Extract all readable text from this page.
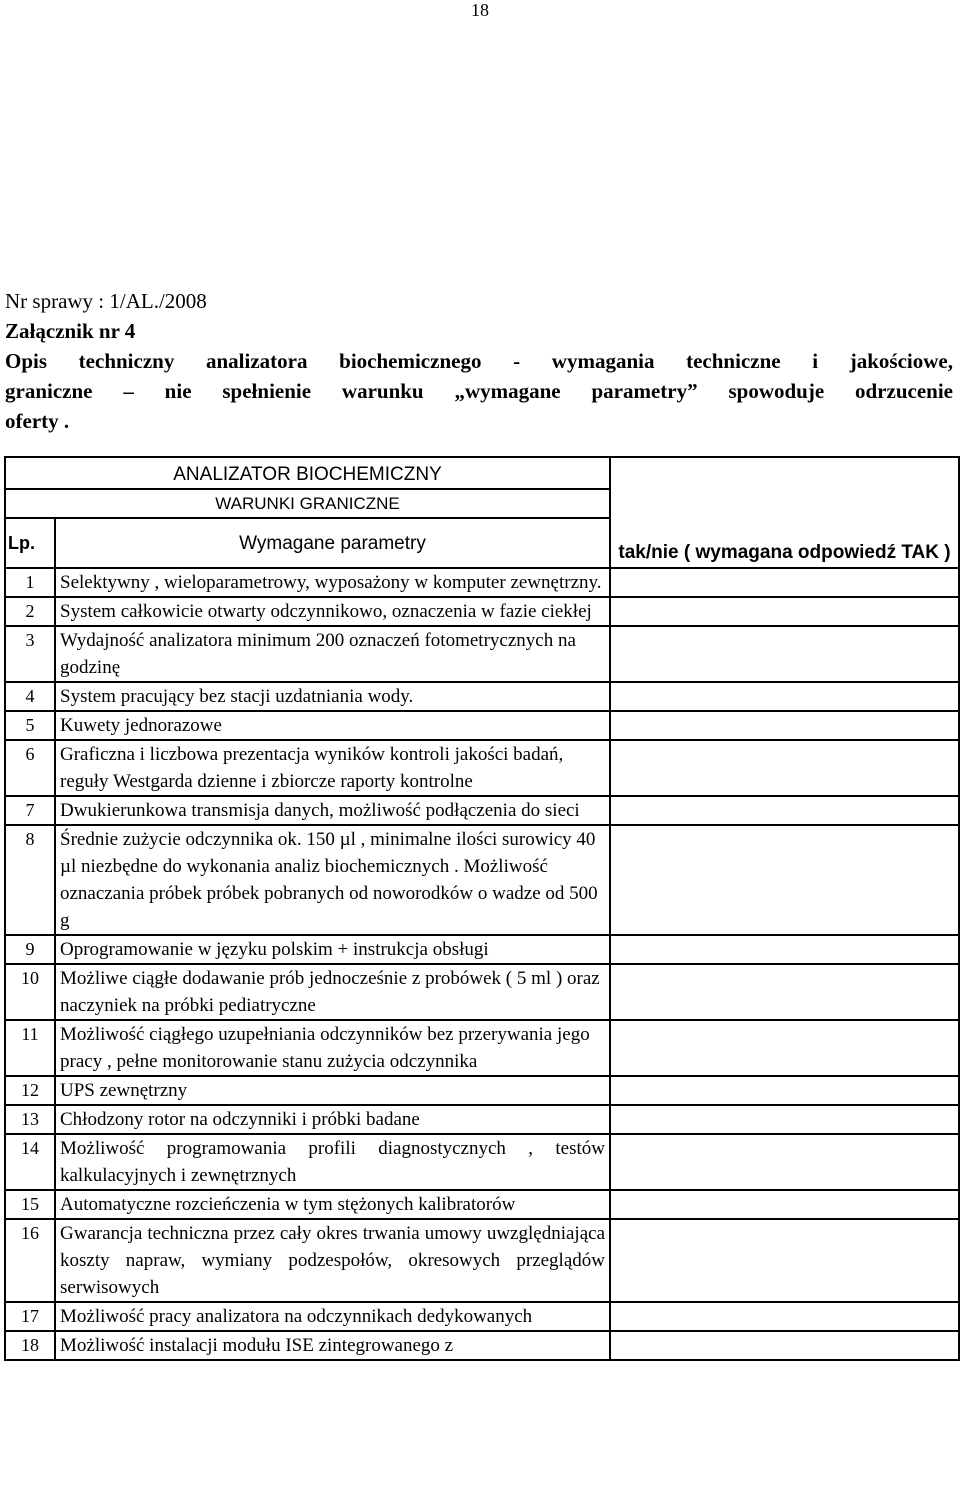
18

Nr sprawy : 1/AL./2008

Załącznik nr 4

Opis techniczny analizatora biochemicznego - wymagania techniczne i jakościowe,

graniczne – nie spełnienie warunku „wymagane parametry” spowoduje odrzucenie

oferty .

ANALIZATOR BIOCHEMICZNY		tak/nie ( wymagana odpowiedź TAK )
WARUNKI GRANICZNE		
Lp.	Wymagane parametry	
1	Selektywny , wieloparametrowy, wyposażony w komputer zewnętrzny.	
2	System całkowicie otwarty odczynnikowo, oznaczenia w fazie ciekłej	
3	Wydajność analizatora minimum 200 oznaczeń fotometrycznych na godzinę	
4	System pracujący bez stacji uzdatniania wody.	
5	Kuwety jednorazowe	
6	Graficzna i liczbowa prezentacja wyników kontroli jakości badań, reguły Westgarda dzienne i zbiorcze raporty kontrolne	
7	Dwukierunkowa transmisja danych, możliwość podłączenia do sieci	
8	Średnie zużycie odczynnika ok. 150 µl , minimalne ilości surowicy 40 µl niezbędne do wykonania analiz biochemicznych . Możliwość oznaczania próbek próbek pobranych od noworodków o wadze od 500 g	
9	Oprogramowanie w języku polskim + instrukcja obsługi	
10	Możliwe ciągłe dodawanie prób jednocześnie z probówek ( 5 ml ) oraz naczyniek na próbki pediatryczne	
11	Możliwość ciągłego uzupełniania odczynników bez przerywania jego pracy , pełne monitorowanie stanu zużycia odczynnika	
12	UPS zewnętrzny	
13	Chłodzony rotor na odczynniki i próbki badane	
14	Możliwość programowania profili diagnostycznych , testów kalkulacyjnych i zewnętrznych	
15	Automatyczne rozcieńczenia w tym stężonych kalibratorów	
16	Gwarancja techniczna przez cały okres trwania umowy uwzględniająca koszty napraw, wymiany podzespołów, okresowych przeglądów serwisowych	
17	Możliwość pracy analizatora na odczynnikach dedykowanych	
18	Możliwość instalacji modułu ISE zintegrowanego z	
